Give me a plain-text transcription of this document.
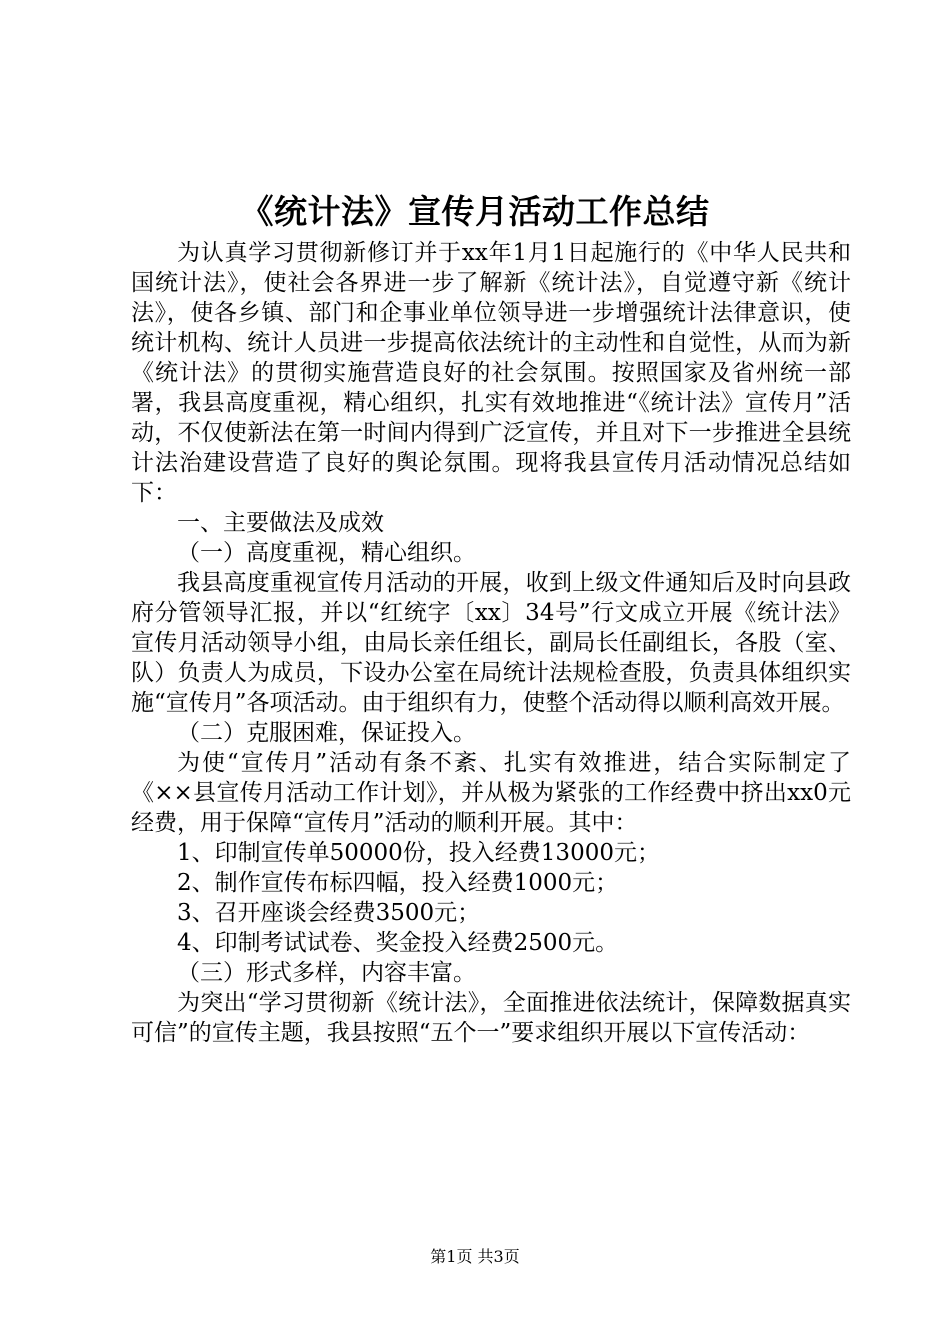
《统计法》宣传月活动工作总结

为认真学习贯彻新修订并于xx年1月1日起施行的《中华人民共和国统计法》，使社会各界进一步了解新《统计法》，自觉遵守新《统计法》，使各乡镇、部门和企事业单位领导进一步增强统计法律意识，使统计机构、统计人员进一步提高依法统计的主动性和自觉性，从而为新《统计法》的贯彻实施营造良好的社会氛围。按照国家及省州统一部署，我县高度重视，精心组织，扎实有效地推进“《统计法》宣传月”活动，不仅使新法在第一时间内得到广泛宣传，并且对下一步推进全县统计法治建设营造了良好的舆论氛围。现将我县宣传月活动情况总结如下：

一、主要做法及成效

（一）高度重视，精心组织。

我县高度重视宣传月活动的开展，收到上级文件通知后及时向县政府分管领导汇报，并以“红统字〔xx〕34号”行文成立开展《统计法》宣传月活动领导小组，由局长亲任组长，副局长任副组长，各股（室、队）负责人为成员，下设办公室在局统计法规检查股，负责具体组织实施“宣传月”各项活动。由于组织有力，使整个活动得以顺利高效开展。

（二）克服困难，保证投入。

为使“宣传月”活动有条不紊、扎实有效推进，结合实际制定了《××县宣传月活动工作计划》，并从极为紧张的工作经费中挤出xx0元经费，用于保障“宣传月”活动的顺利开展。其中：

1、印制宣传单50000份，投入经费13000元；

2、制作宣传布标四幅，投入经费1000元；

3、召开座谈会经费3500元；

4、印制考试试卷、奖金投入经费2500元。

（三）形式多样，内容丰富。

为突出“学习贯彻新《统计法》，全面推进依法统计，保障数据真实可信”的宣传主题，我县按照“五个一”要求组织开展以下宣传活动：

第1页 共3页
